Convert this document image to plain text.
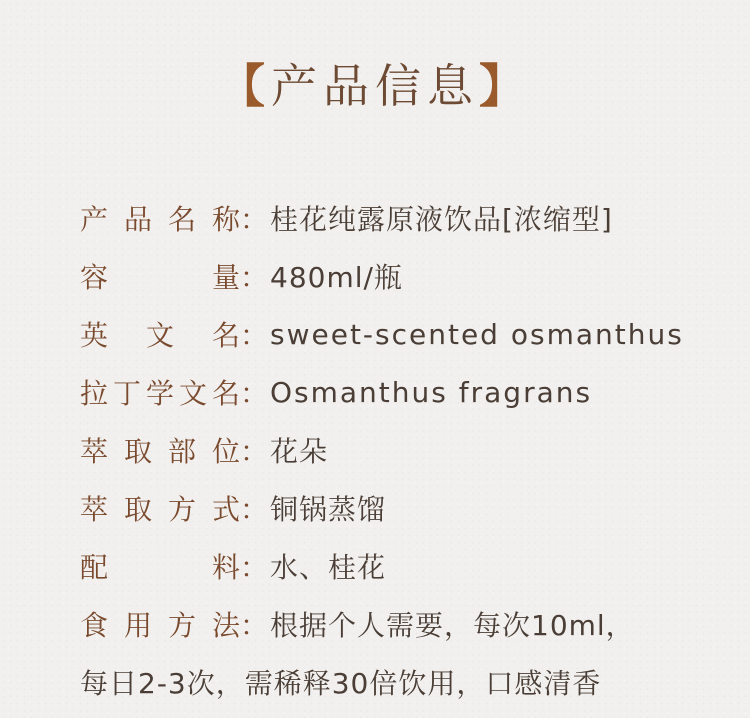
【产品信息】
产品名称 ： 桂花纯露原液饮品[浓缩型]
容量 ： 480ml/瓶
英文名 ： sweet-scented osmanthus
拉丁学文名 ： Osmanthus fragrans
萃取部位 ： 花朵
萃取方式 ： 铜锅蒸馏
配料 ： 水、桂花
食用方法 ： 根据个人需要，每次10ml，
每日2-3次，需稀释30倍饮用，口感清香
